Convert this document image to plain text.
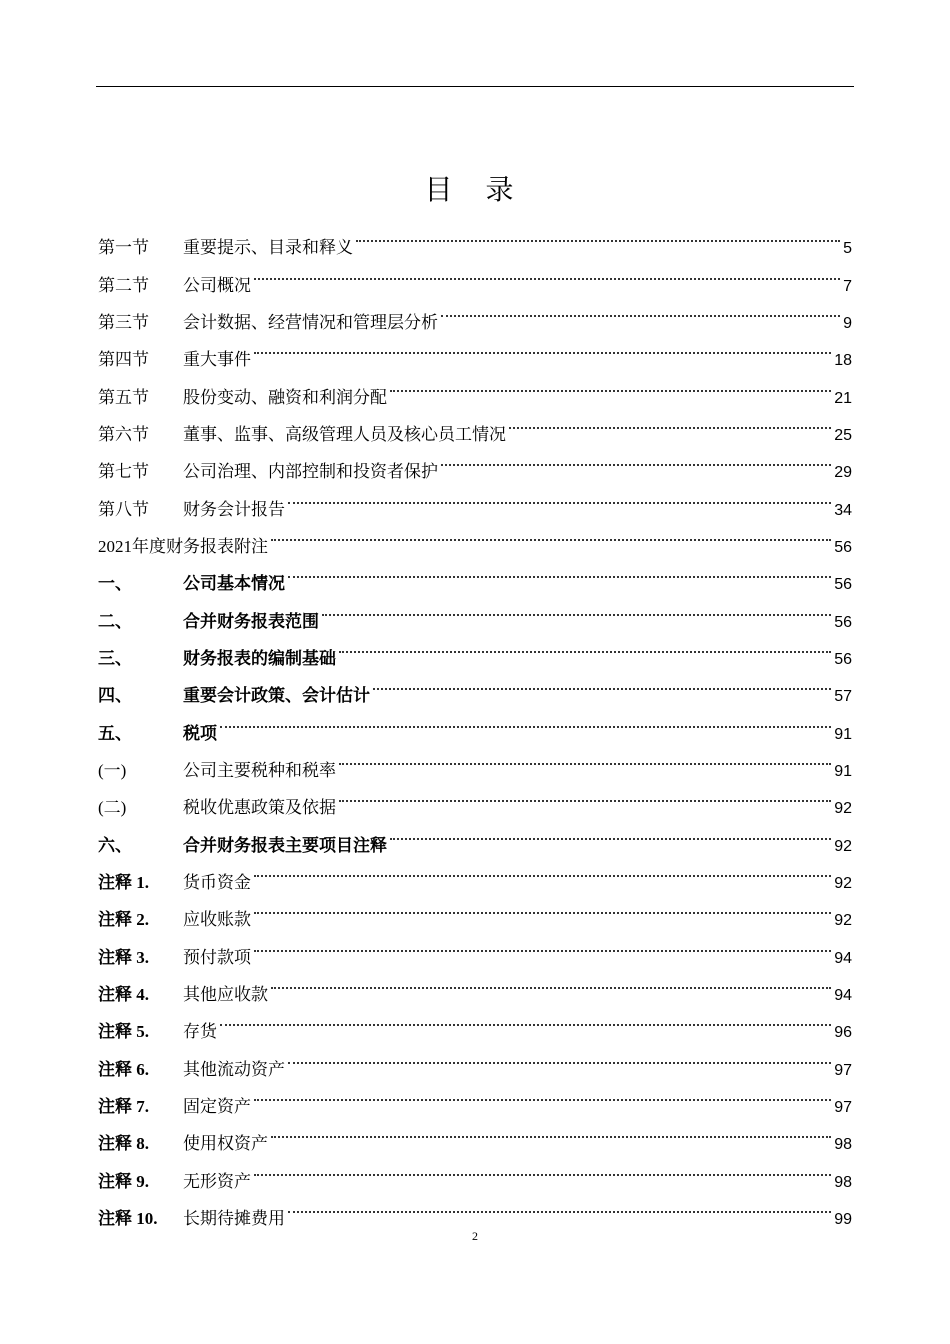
目 录
第一节	重要提示、目录和释义	5
第二节	公司概况	7
第三节	会计数据、经营情况和管理层分析	9
第四节	重大事件	18
第五节	股份变动、融资和利润分配	21
第六节	董事、监事、高级管理人员及核心员工情况	25
第七节	公司治理、内部控制和投资者保护	29
第八节	财务会计报告	34
2021年度财务报表附注	56
一、	公司基本情况	56
二、	合并财务报表范围	56
三、	财务报表的编制基础	56
四、	重要会计政策、会计估计	57
五、	税项	91
(一)	公司主要税种和税率	91
(二)	税收优惠政策及依据	92
六、	合并财务报表主要项目注释	92
注释 1.	货币资金	92
注释 2.	应收账款	92
注释 3.	预付款项	94
注释 4.	其他应收款	94
注释 5.	存货	96
注释 6.	其他流动资产	97
注释 7.	固定资产	97
注释 8.	使用权资产	98
注释 9.	无形资产	98
注释 10.	长期待摊费用	99
2
